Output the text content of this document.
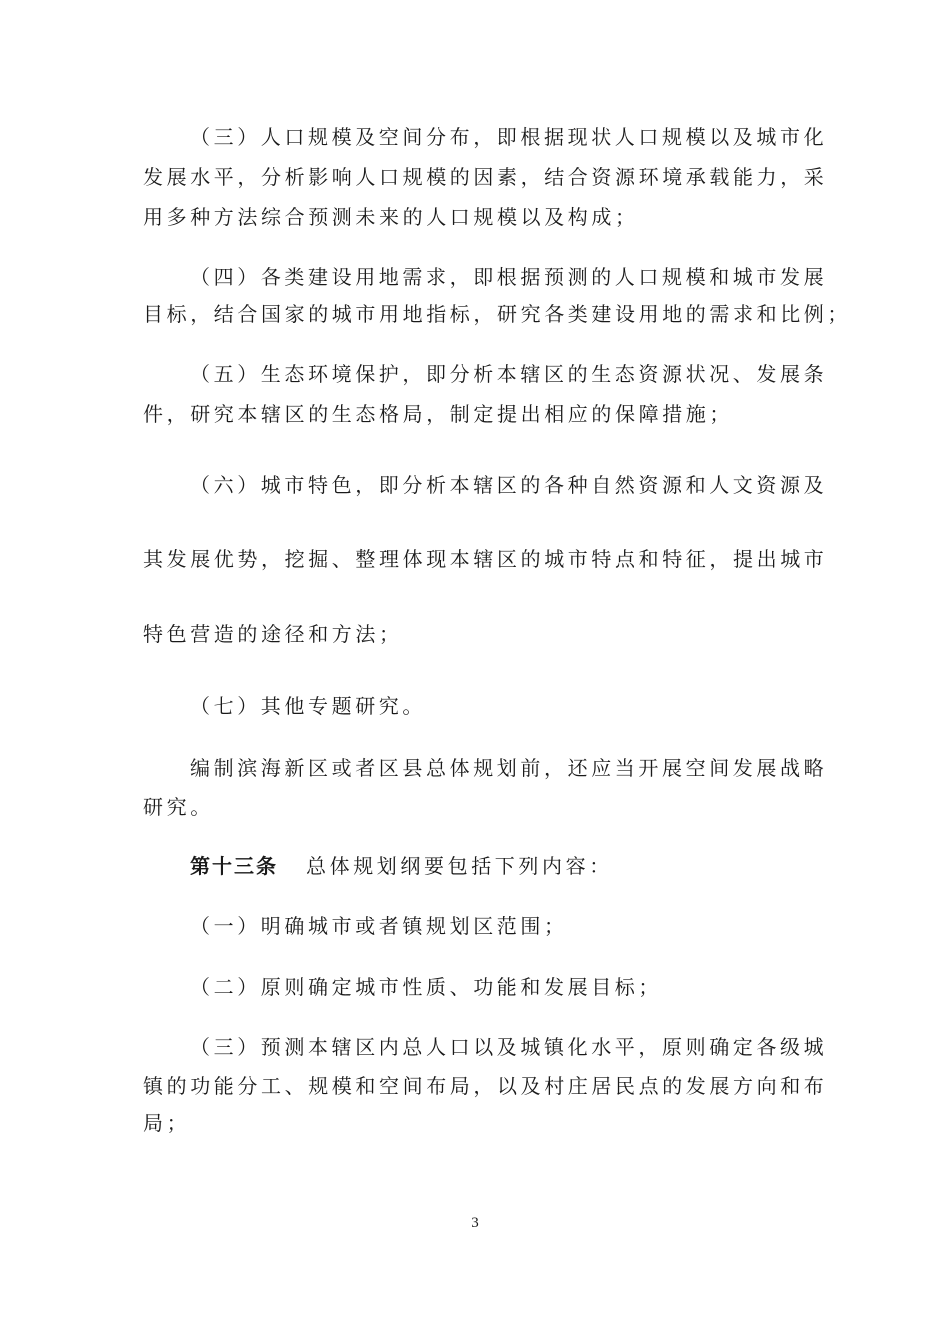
（三）人口规模及空间分布，即根据现状人口规模以及城市化
发展水平，分析影响人口规模的因素，结合资源环境承载能力，采
用多种方法综合预测未来的人口规模以及构成；
（四）各类建设用地需求，即根据预测的人口规模和城市发展
目标，结合国家的城市用地指标，研究各类建设用地的需求和比例；
（五）生态环境保护，即分析本辖区的生态资源状况、发展条
件，研究本辖区的生态格局，制定提出相应的保障措施；
（六）城市特色，即分析本辖区的各种自然资源和人文资源及
其发展优势，挖掘、整理体现本辖区的城市特点和特征，提出城市
特色营造的途径和方法；
（七）其他专题研究。
编制滨海新区或者区县总体规划前，还应当开展空间发展战略
研究。
第十三条 总体规划纲要包括下列内容：
（一）明确城市或者镇规划区范围；
（二）原则确定城市性质、功能和发展目标；
（三）预测本辖区内总人口以及城镇化水平，原则确定各级城
镇的功能分工、规模和空间布局，以及村庄居民点的发展方向和布
局；
3
